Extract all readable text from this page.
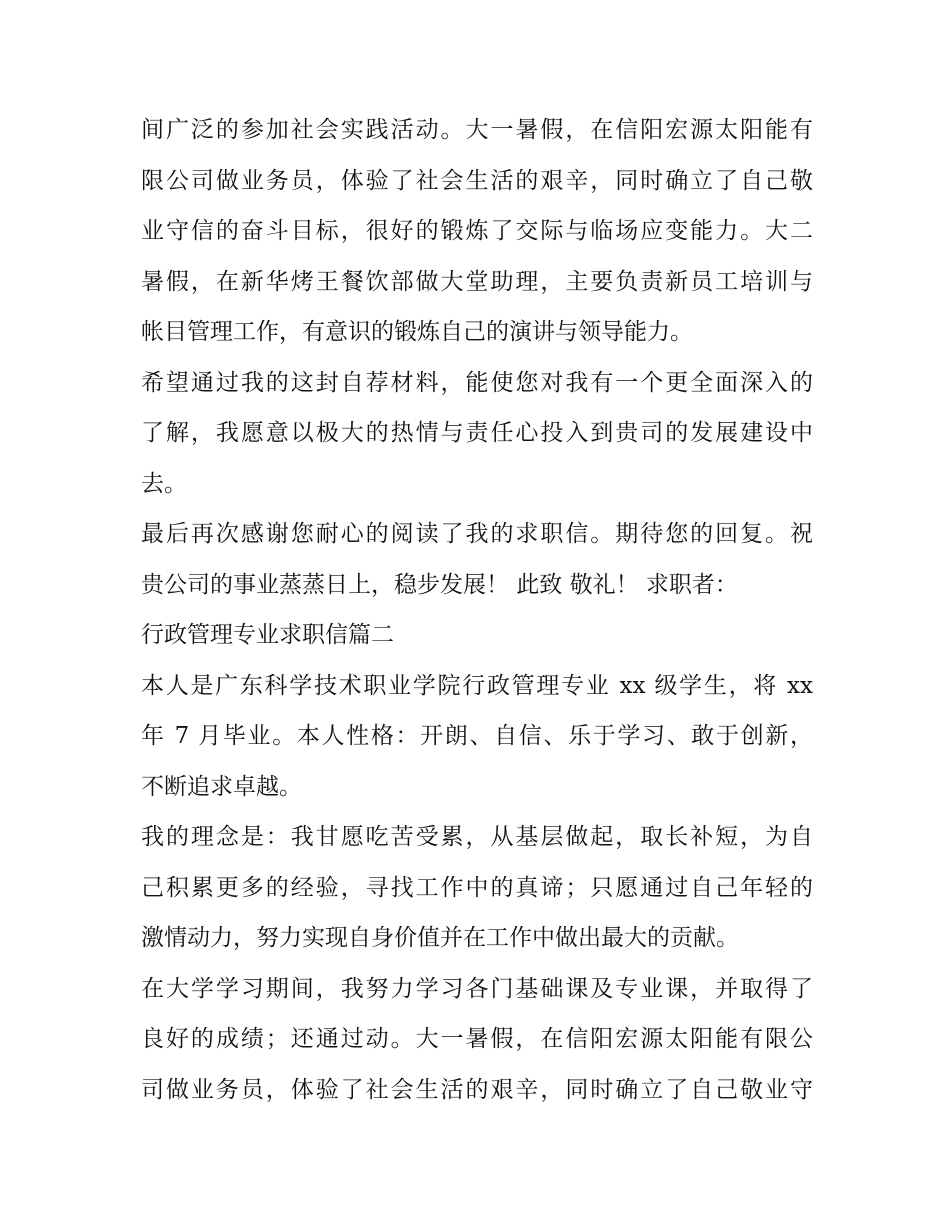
间广泛的参加社会实践活动。大一暑假，在信阳宏源太阳能有
限公司做业务员，体验了社会生活的艰辛，同时确立了自己敬
业守信的奋斗目标，很好的锻炼了交际与临场应变能力。大二
暑假，在新华烤王餐饮部做大堂助理，主要负责新员工培训与
帐目管理工作，有意识的锻炼自己的演讲与领导能力。
希望通过我的这封自荐材料，能使您对我有一个更全面深入的
了解，我愿意以极大的热情与责任心投入到贵司的发展建设中
去。
最后再次感谢您耐心的阅读了我的求职信。期待您的回复。祝
贵公司的事业蒸蒸日上，稳步发展！ 此致 敬礼！ 求职者：
行政管理专业求职信篇二
本人是广东科学技术职业学院行政管理专业 xx 级学生，将 xx
年 7 月毕业。本人性格：开朗、自信、乐于学习、敢于创新，
不断追求卓越。
我的理念是：我甘愿吃苦受累，从基层做起，取长补短，为自
己积累更多的经验，寻找工作中的真谛；只愿通过自己年轻的
激情动力，努力实现自身价值并在工作中做出最大的贡献。
在大学学习期间，我努力学习各门基础课及专业课，并取得了
良好的成绩；还通过动。大一暑假，在信阳宏源太阳能有限公
司做业务员，体验了社会生活的艰辛，同时确立了自己敬业守
